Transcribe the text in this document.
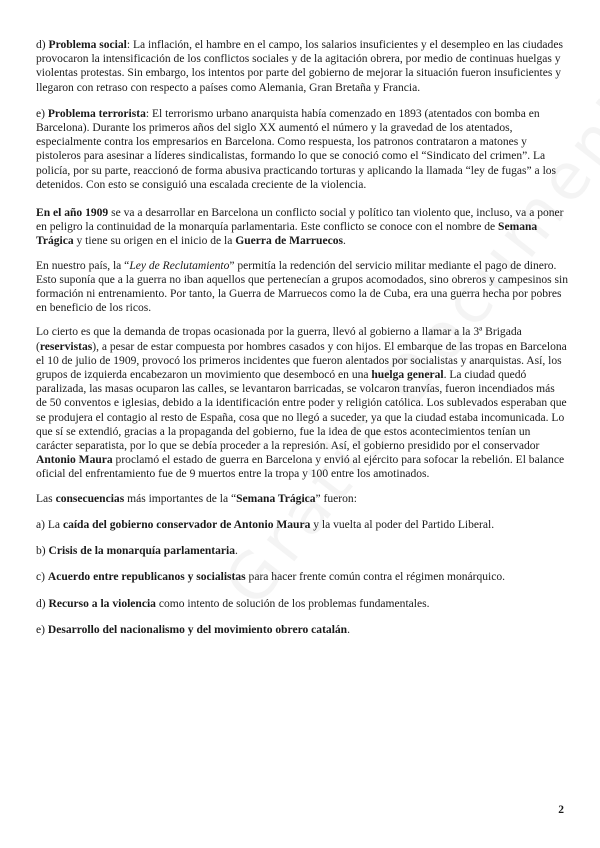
d) Problema social: La inflación, el hambre en el campo, los salarios insuficientes y el desempleo en las ciudades provocaron la intensificación de los conflictos sociales y de la agitación obrera, por medio de continuas huelgas y violentas protestas. Sin embargo, los intentos por parte del gobierno de mejorar la situación fueron insuficientes y llegaron con retraso con respecto a países como Alemania, Gran Bretaña y Francia.

e) Problema terrorista: El terrorismo urbano anarquista había comenzado en 1893 (atentados con bomba en Barcelona). Durante los primeros años del siglo XX aumentó el número y la gravedad de los atentados, especialmente contra los empresarios en Barcelona. Como respuesta, los patronos contrataron a matones y pistoleros para asesinar a líderes sindicalistas, formando lo que se conoció como el “Sindicato del crimen”. La policía, por su parte, reaccionó de forma abusiva practicando torturas y aplicando la llamada “ley de fugas” a los detenidos. Con esto se consiguió una escalada creciente de la violencia.

En el año 1909 se va a desarrollar en Barcelona un conflicto social y político tan violento que, incluso, va a poner en peligro la continuidad de la monarquía parlamentaria. Este conflicto se conoce con el nombre de Semana Trágica y tiene su origen en el inicio de la Guerra de Marruecos.

En nuestro país, la “Ley de Reclutamiento” permitía la redención del servicio militar mediante el pago de dinero. Esto suponía que a la guerra no iban aquellos que pertenecían a grupos acomodados, sino obreros y campesinos sin formación ni entrenamiento. Por tanto, la Guerra de Marruecos como la de Cuba, era una guerra hecha por pobres en beneficio de los ricos.

Lo cierto es que la demanda de tropas ocasionada por la guerra, llevó al gobierno a llamar a la 3ª Brigada (reservistas), a pesar de estar compuesta por hombres casados y con hijos. El embarque de las tropas en Barcelona el 10 de julio de 1909, provocó los primeros incidentes que fueron alentados por socialistas y anarquistas. Así, los grupos de izquierda encabezaron un movimiento que desembocó en una huelga general. La ciudad quedó paralizada, las masas ocuparon las calles, se levantaron barricadas, se volcaron tranvías, fueron incendiados más de 50 conventos e iglesias, debido a la identificación entre poder y religión católica. Los sublevados esperaban que se produjera el contagio al resto de España, cosa que no llegó a suceder, ya que la ciudad estaba incomunicada. Lo que sí se extendió, gracias a la propaganda del gobierno, fue la idea de que estos acontecimientos tenían un carácter separatista, por lo que se debía proceder a la represión. Así, el gobierno presidido por el conservador Antonio Maura proclamó el estado de guerra en Barcelona y envió al ejército para sofocar la rebelión. El balance oficial del enfrentamiento fue de 9 muertos entre la tropa y 100 entre los amotinados.

Las consecuencias más importantes de la “Semana Trágica” fueron:

a) La caída del gobierno conservador de Antonio Maura y la vuelta al poder del Partido Liberal.

b) Crisis de la monarquía parlamentaria.

c) Acuerdo entre republicanos y socialistas para hacer frente común contra el régimen monárquico.

d) Recurso a la violencia como intento de solución de los problemas fundamentales.

e) Desarrollo del nacionalismo y del movimiento obrero catalán.

2
